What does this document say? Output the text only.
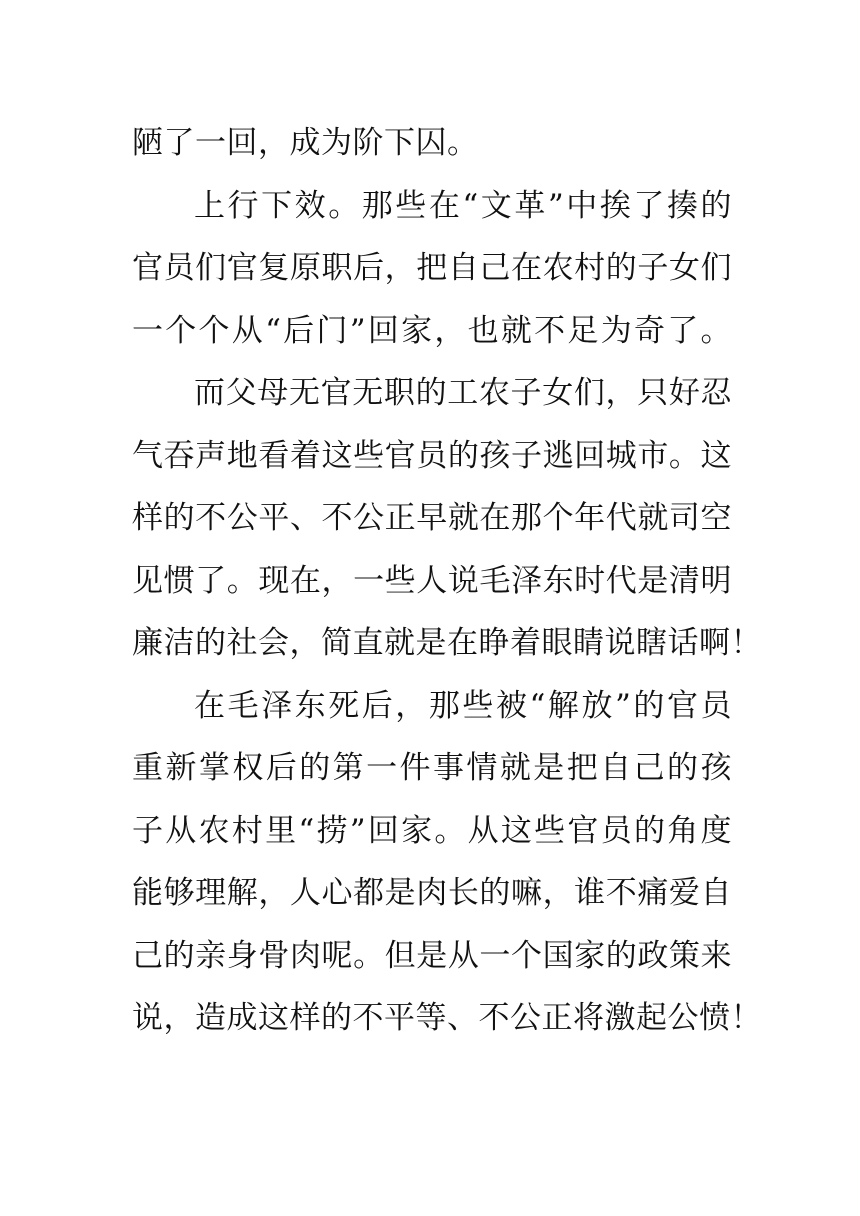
陋了一回，成为阶下囚。
上行下效。那些在“文革”中挨了揍的
官员们官复原职后，把自己在农村的子女们
一个个从“后门”回家，也就不足为奇了。
而父母无官无职的工农子女们，只好忍
气吞声地看着这些官员的孩子逃回城市。这
样的不公平、不公正早就在那个年代就司空
见惯了。现在，一些人说毛泽东时代是清明
廉洁的社会，简直就是在睁着眼睛说瞎话啊！
在毛泽东死后，那些被“解放”的官员
重新掌权后的第一件事情就是把自己的孩
子从农村里“捞”回家。从这些官员的角度
能够理解，人心都是肉长的嘛，谁不痛爱自
己的亲身骨肉呢。但是从一个国家的政策来
说，造成这样的不平等、不公正将激起公愤！
